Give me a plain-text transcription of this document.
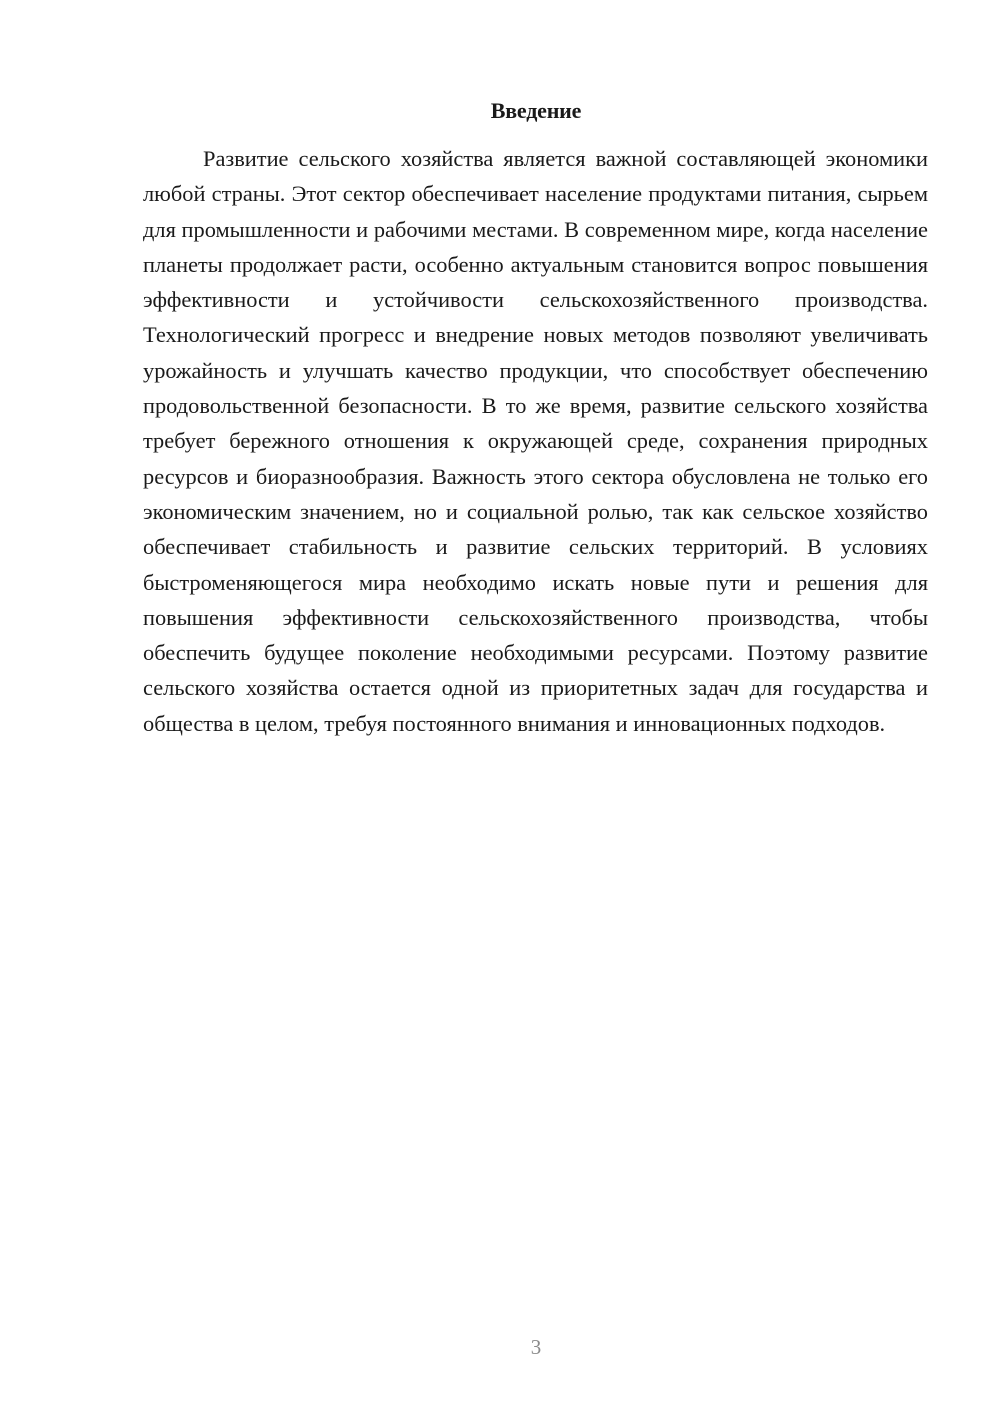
Введение

Развитие сельского хозяйства является важной составляющей экономики любой страны. Этот сектор обеспечивает население продуктами питания, сырьем для промышленности и рабочими местами. В современном мире, когда население планеты продолжает расти, особенно актуальным становится вопрос повышения эффективности и устойчивости сельскохозяйственного производства. Технологический прогресс и внедрение новых методов позволяют увеличивать урожайность и улучшать качество продукции, что способствует обеспечению продовольственной безопасности. В то же время, развитие сельского хозяйства требует бережного отношения к окружающей среде, сохранения природных ресурсов и биоразнообразия. Важность этого сектора обусловлена не только его экономическим значением, но и социальной ролью, так как сельское хозяйство обеспечивает стабильность и развитие сельских территорий. В условиях быстроменяющегося мира необходимо искать новые пути и решения для повышения эффективности сельскохозяйственного производства, чтобы обеспечить будущее поколение необходимыми ресурсами. Поэтому развитие сельского хозяйства остается одной из приоритетных задач для государства и общества в целом, требуя постоянного внимания и инновационных подходов.

3
